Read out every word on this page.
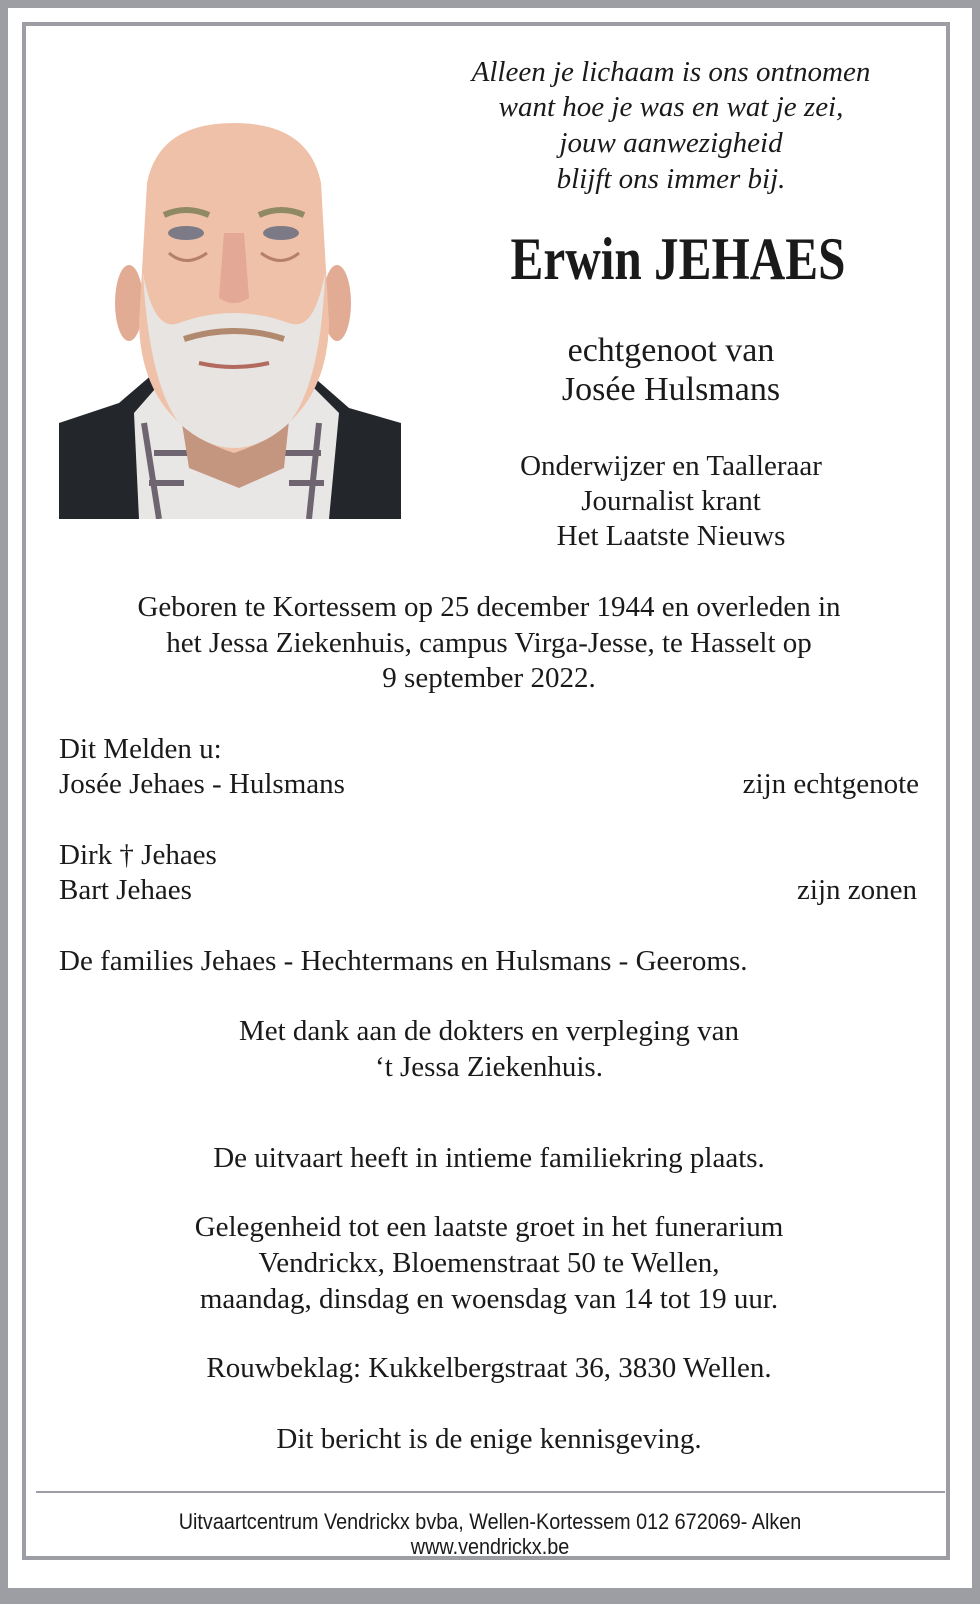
Alleen je lichaam is ons ontnomen
want hoe je was en wat je zei,
jouw aanwezigheid
blijft ons immer bij.
Erwin JEHAES
echtgenoot van
Josée Hulsmans
Onderwijzer en Taalleraar
Journalist krant
Het Laatste Nieuws
Geboren te Kortessem op 25 december 1944 en overleden in
het Jessa Ziekenhuis, campus Virga-Jesse, te Hasselt op
9 september 2022.
Dit Melden u:
Josée Jehaes - Hulsmans	zijn echtgenote
Dirk † Jehaes
Bart Jehaes	zijn zonen
De families Jehaes - Hechtermans en Hulsmans - Geeroms.
Met dank aan de dokters en verpleging van
‘t Jessa Ziekenhuis.
De uitvaart heeft in intieme familiekring plaats.
Gelegenheid tot een laatste groet in het funerarium
Vendrickx, Bloemenstraat 50 te Wellen,
maandag, dinsdag en woensdag van 14 tot 19 uur.
Rouwbeklag: Kukkelbergstraat 36, 3830 Wellen.
Dit bericht is de enige kennisgeving.
Uitvaartcentrum Vendrickx bvba, Wellen-Kortessem 012 672069- Alken
www.vendrickx.be
